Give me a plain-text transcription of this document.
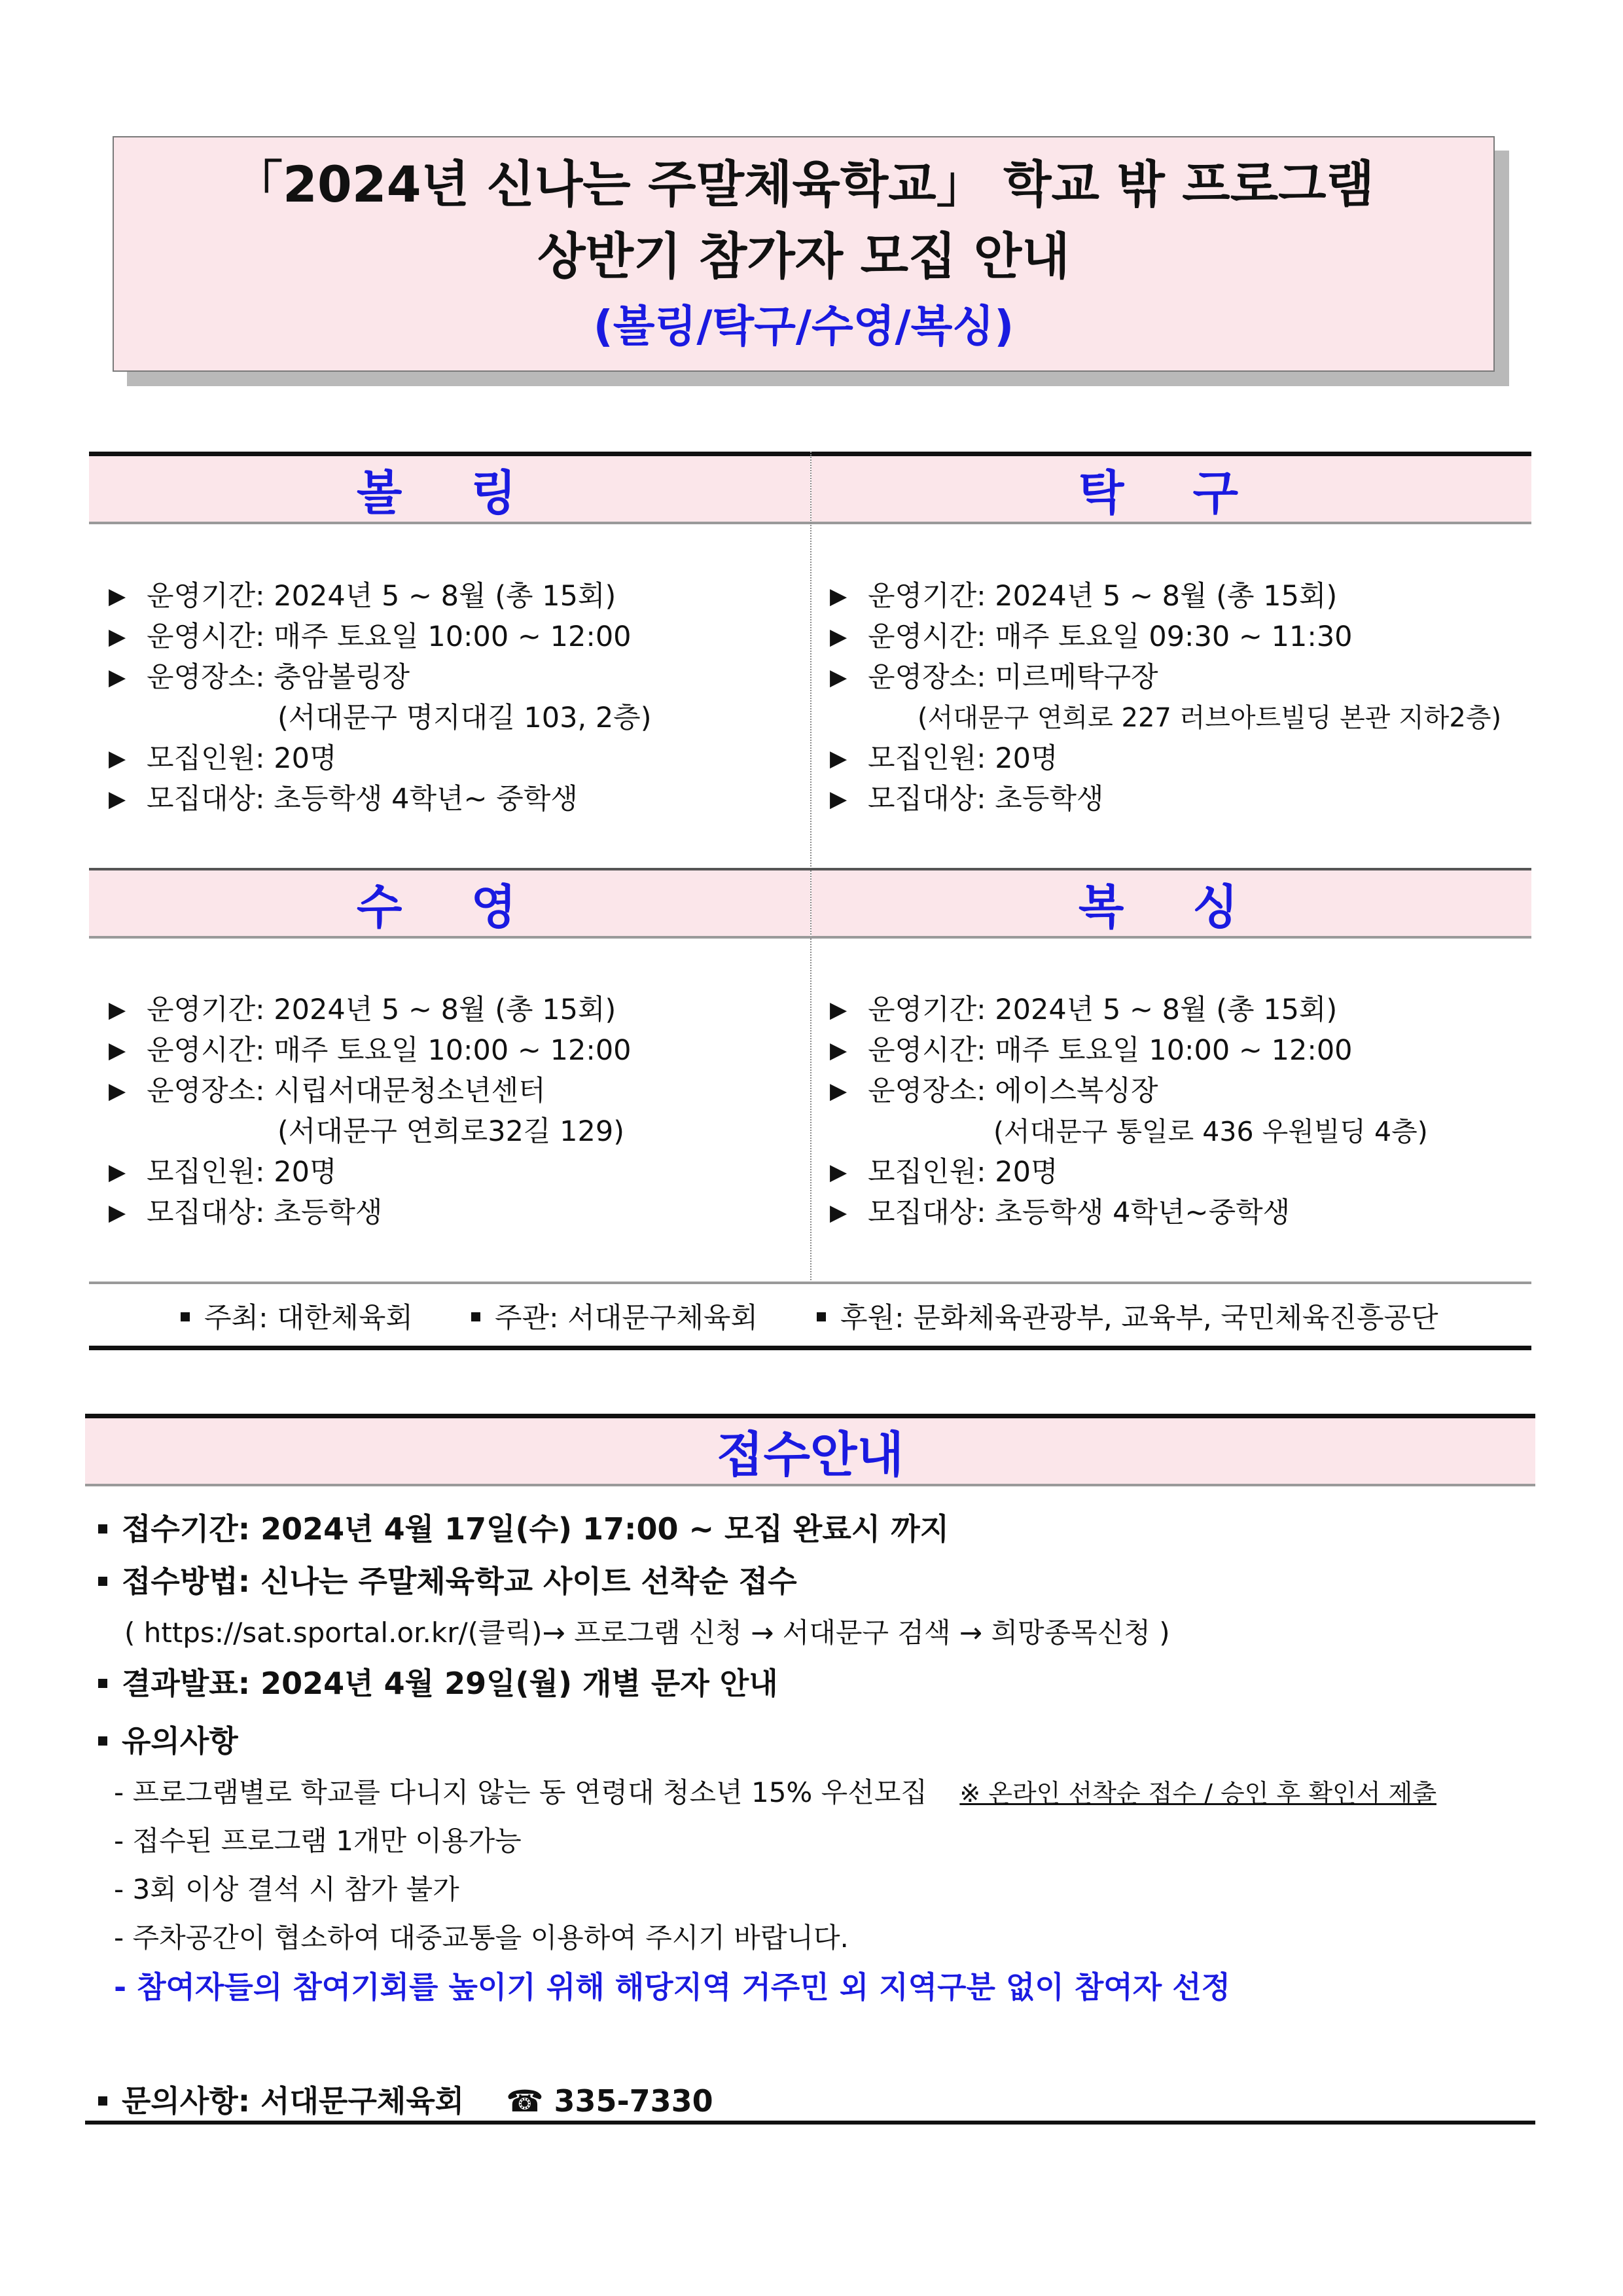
「2024년 신나는 주말체육학교」 학교 밖 프로그램
상반기 참가자 모집 안내
(볼링/탁구/수영/복싱)
볼 링	탁 구
▶ 운영기간: 2024년 5 ~ 8월 (총 15회)
▶ 운영시간: 매주 토요일 10:00 ~ 12:00
▶ 운영장소: 충암볼링장
(서대문구 명지대길 103, 2층)
▶ 모집인원: 20명
▶ 모집대상: 초등학생 4학년~ 중학생
▶ 운영기간: 2024년 5 ~ 8월 (총 15회)
▶ 운영시간: 매주 토요일 09:30 ~ 11:30
▶ 운영장소: 미르메탁구장
(서대문구 연희로 227 러브아트빌딩 본관 지하2층)
▶ 모집인원: 20명
▶ 모집대상: 초등학생
수 영	복 싱
▶ 운영기간: 2024년 5 ~ 8월 (총 15회)
▶ 운영시간: 매주 토요일 10:00 ~ 12:00
▶ 운영장소: 시립서대문청소년센터
(서대문구 연희로32길 129)
▶ 모집인원: 20명
▶ 모집대상: 초등학생
▶ 운영기간: 2024년 5 ~ 8월 (총 15회)
▶ 운영시간: 매주 토요일 10:00 ~ 12:00
▶ 운영장소: 에이스복싱장
(서대문구 통일로 436 우원빌딩 4층)
▶ 모집인원: 20명
▶ 모집대상: 초등학생 4학년~중학생
주최: 대한체육회	주관: 서대문구체육회	후원: 문화체육관광부, 교육부, 국민체육진흥공단
접수안내
접수기간: 2024년 4월 17일(수) 17:00 ~ 모집 완료시 까지
접수방법: 신나는 주말체육학교 사이트 선착순 접수
( https://sat.sportal.or.kr/(클릭)→ 프로그램 신청 → 서대문구 검색 → 희망종목신청 )
결과발표: 2024년 4월 29일(월) 개별 문자 안내
유의사항
- 프로그램별로 학교를 다니지 않는 동 연령대 청소년 15% 우선모집 ※ 온라인 선착순 접수 / 승인 후 확인서 제출
- 접수된 프로그램 1개만 이용가능
- 3회 이상 결석 시 참가 불가
- 주차공간이 협소하여 대중교통을 이용하여 주시기 바랍니다.
- 참여자들의 참여기회를 높이기 위해 해당지역 거주민 외 지역구분 없이 참여자 선정
문의사항: 서대문구체육회 ☎ 335-7330
